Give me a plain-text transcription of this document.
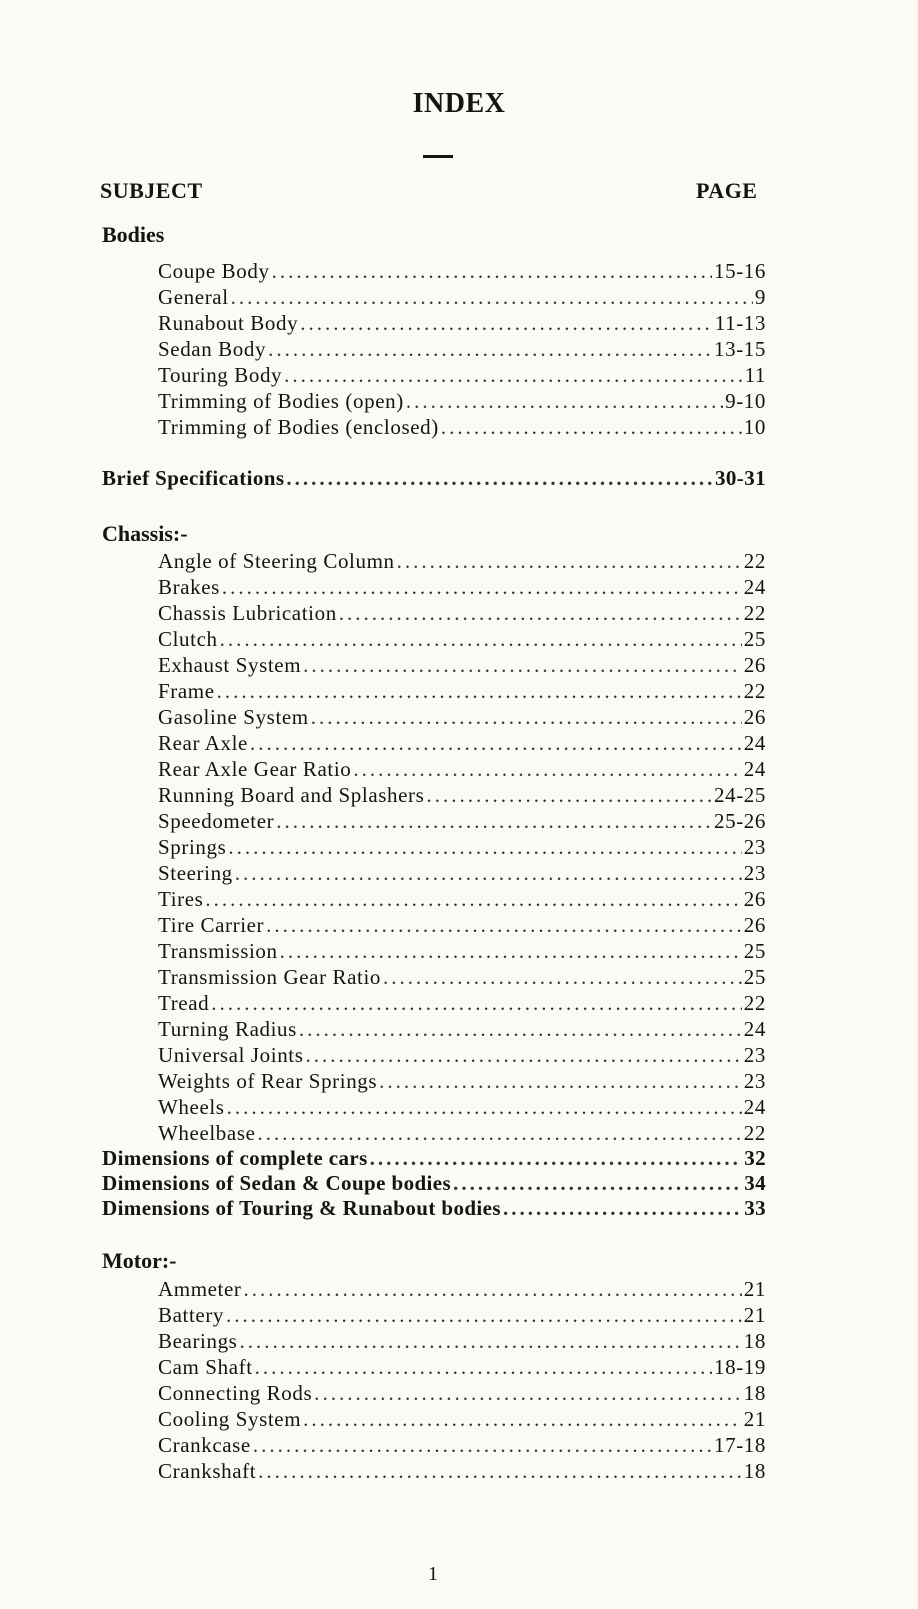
INDEX
SUBJECT	PAGE
Bodies
Coupe Body .....	15-16
General .....	9
Runabout Body .....	11-13
Sedan Body .....	13-15
Touring Body .....	11
Trimming of Bodies (open) .....	9-10
Trimming of Bodies (enclosed) .....	10
Brief Specifications .....	30-31
Chassis:-
Angle of Steering Column .....	22
Brakes .....	24
Chassis Lubrication .....	22
Clutch .....	25
Exhaust System .....	26
Frame .....	22
Gasoline System .....	26
Rear Axle .....	24
Rear Axle Gear Ratio .....	24
Running Board and Splashers .....	24-25
Speedometer .....	25-26
Springs .....	23
Steering .....	23
Tires .....	26
Tire Carrier .....	26
Transmission .....	25
Transmission Gear Ratio .....	25
Tread .....	22
Turning Radius .....	24
Universal Joints .....	23
Weights of Rear Springs .....	23
Wheels .....	24
Wheelbase .....	22
Dimensions of complete cars .....	32
Dimensions of Sedan & Coupe bodies .....	34
Dimensions of Touring & Runabout bodies .....	33
Motor:-
Ammeter .....	21
Battery .....	21
Bearings .....	18
Cam Shaft .....	18-19
Connecting Rods .....	18
Cooling System .....	21
Crankcase .....	17-18
Crankshaft .....	18
1
